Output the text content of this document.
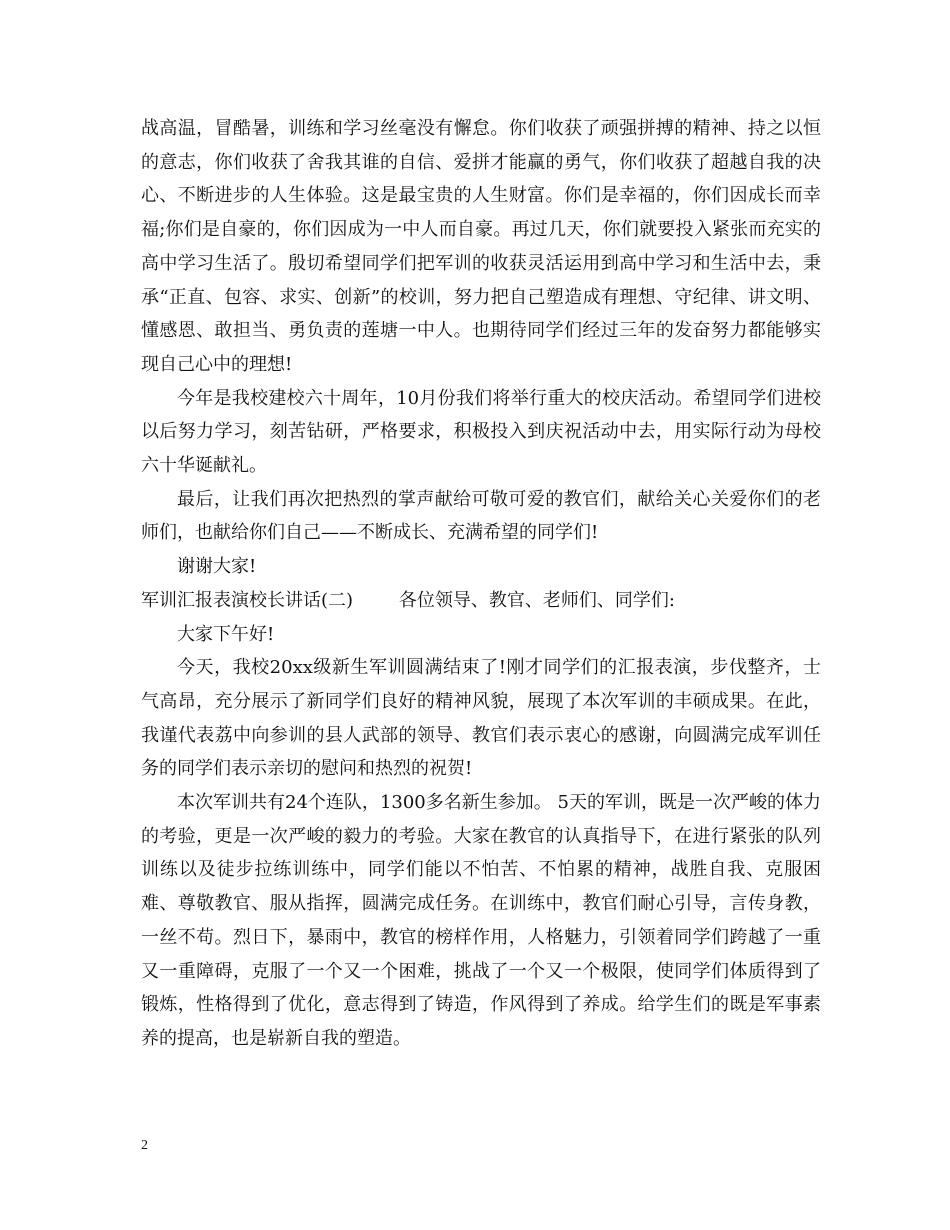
战高温，冒酷暑，训练和学习丝毫没有懈怠。你们收获了顽强拼搏的精神、持之以恒的意志，你们收获了舍我其谁的自信、爱拼才能赢的勇气，你们收获了超越自我的决心、不断进步的人生体验。这是最宝贵的人生财富。你们是幸福的，你们因成长而幸福;你们是自豪的，你们因成为一中人而自豪。再过几天，你们就要投入紧张而充实的高中学习生活了。殷切希望同学们把军训的收获灵活运用到高中学习和生活中去，秉承“正直、包容、求实、创新”的校训，努力把自己塑造成有理想、守纪律、讲文明、懂感恩、敢担当、勇负责的莲塘一中人。也期待同学们经过三年的发奋努力都能够实现自己心中的理想!

今年是我校建校六十周年，10月份我们将举行重大的校庆活动。希望同学们进校以后努力学习，刻苦钻研，严格要求，积极投入到庆祝活动中去，用实际行动为母校六十华诞献礼。

最后，让我们再次把热烈的掌声献给可敬可爱的教官们，献给关心关爱你们的老师们，也献给你们自己——不断成长、充满希望的同学们!

谢谢大家!

军训汇报表演校长讲话(二)        各位领导、教官、老师们、同学们:

大家下午好!

今天，我校20xx级新生军训圆满结束了!刚才同学们的汇报表演，步伐整齐，士气高昂，充分展示了新同学们良好的精神风貌，展现了本次军训的丰硕成果。在此，我谨代表荔中向参训的县人武部的领导、教官们表示衷心的感谢，向圆满完成军训任务的同学们表示亲切的慰问和热烈的祝贺!

本次军训共有24个连队，1300多名新生参加。 5天的军训，既是一次严峻的体力的考验，更是一次严峻的毅力的考验。大家在教官的认真指导下，在进行紧张的队列训练以及徒步拉练训练中，同学们能以不怕苦、不怕累的精神，战胜自我、克服困难、尊敬教官、服从指挥，圆满完成任务。在训练中，教官们耐心引导，言传身教，一丝不苟。烈日下，暴雨中，教官的榜样作用，人格魅力，引领着同学们跨越了一重又一重障碍，克服了一个又一个困难，挑战了一个又一个极限，使同学们体质得到了锻炼，性格得到了优化，意志得到了铸造，作风得到了养成。给学生们的既是军事素养的提高，也是崭新自我的塑造。

2
